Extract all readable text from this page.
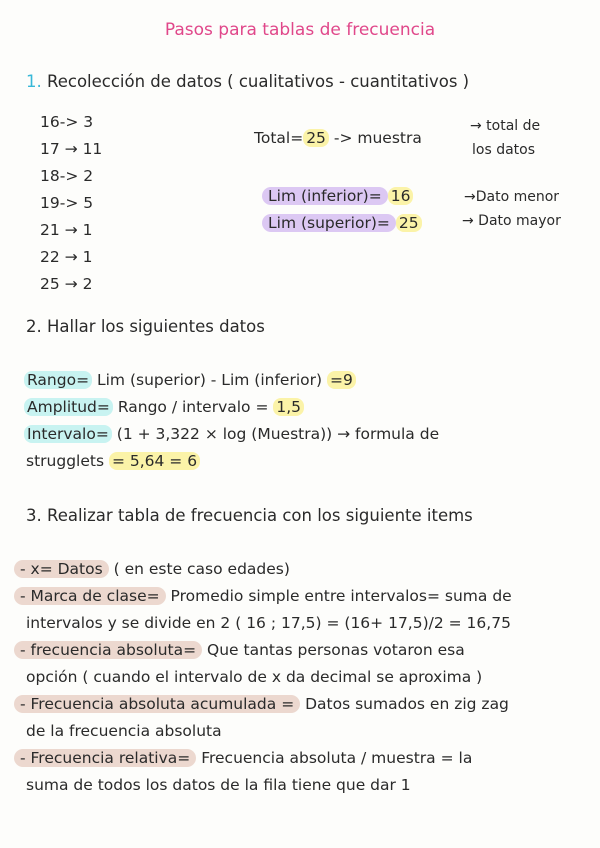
Pasos para tablas de frecuencia
1. Recolección de datos ( cualitativos - cuantitativos )
16-> 3
17 → 11
18-> 2
19-> 5
21 → 1
22 → 1
25 → 2
Total= 25 -> muestra
→ total de
los datos
Lim (inferior)= 16	→Dato menor
Lim (superior)= 25	→ Dato mayor
2. Hallar los siguientes datos
Rango= Lim (superior) - Lim (inferior) =9
Amplitud= Rango / intervalo = 1,5
Intervalo= (1 + 3,322 × log (Muestra)) → formula de
strugglets = 5,64 = 6
3. Realizar tabla de frecuencia con los siguiente items
- x= Datos ( en este caso edades)
- Marca de clase= Promedio simple entre intervalos= suma de
intervalos y se divide en 2 ( 16 ; 17,5) = (16+ 17,5)/2 = 16,75
- frecuencia absoluta= Que tantas personas votaron esa
opción ( cuando el intervalo de x da decimal se aproxima )
- Frecuencia absoluta acumulada = Datos sumados en zig zag
de la frecuencia absoluta
- Frecuencia relativa= Frecuencia absoluta / muestra = la
suma de todos los datos de la fila tiene que dar 1
